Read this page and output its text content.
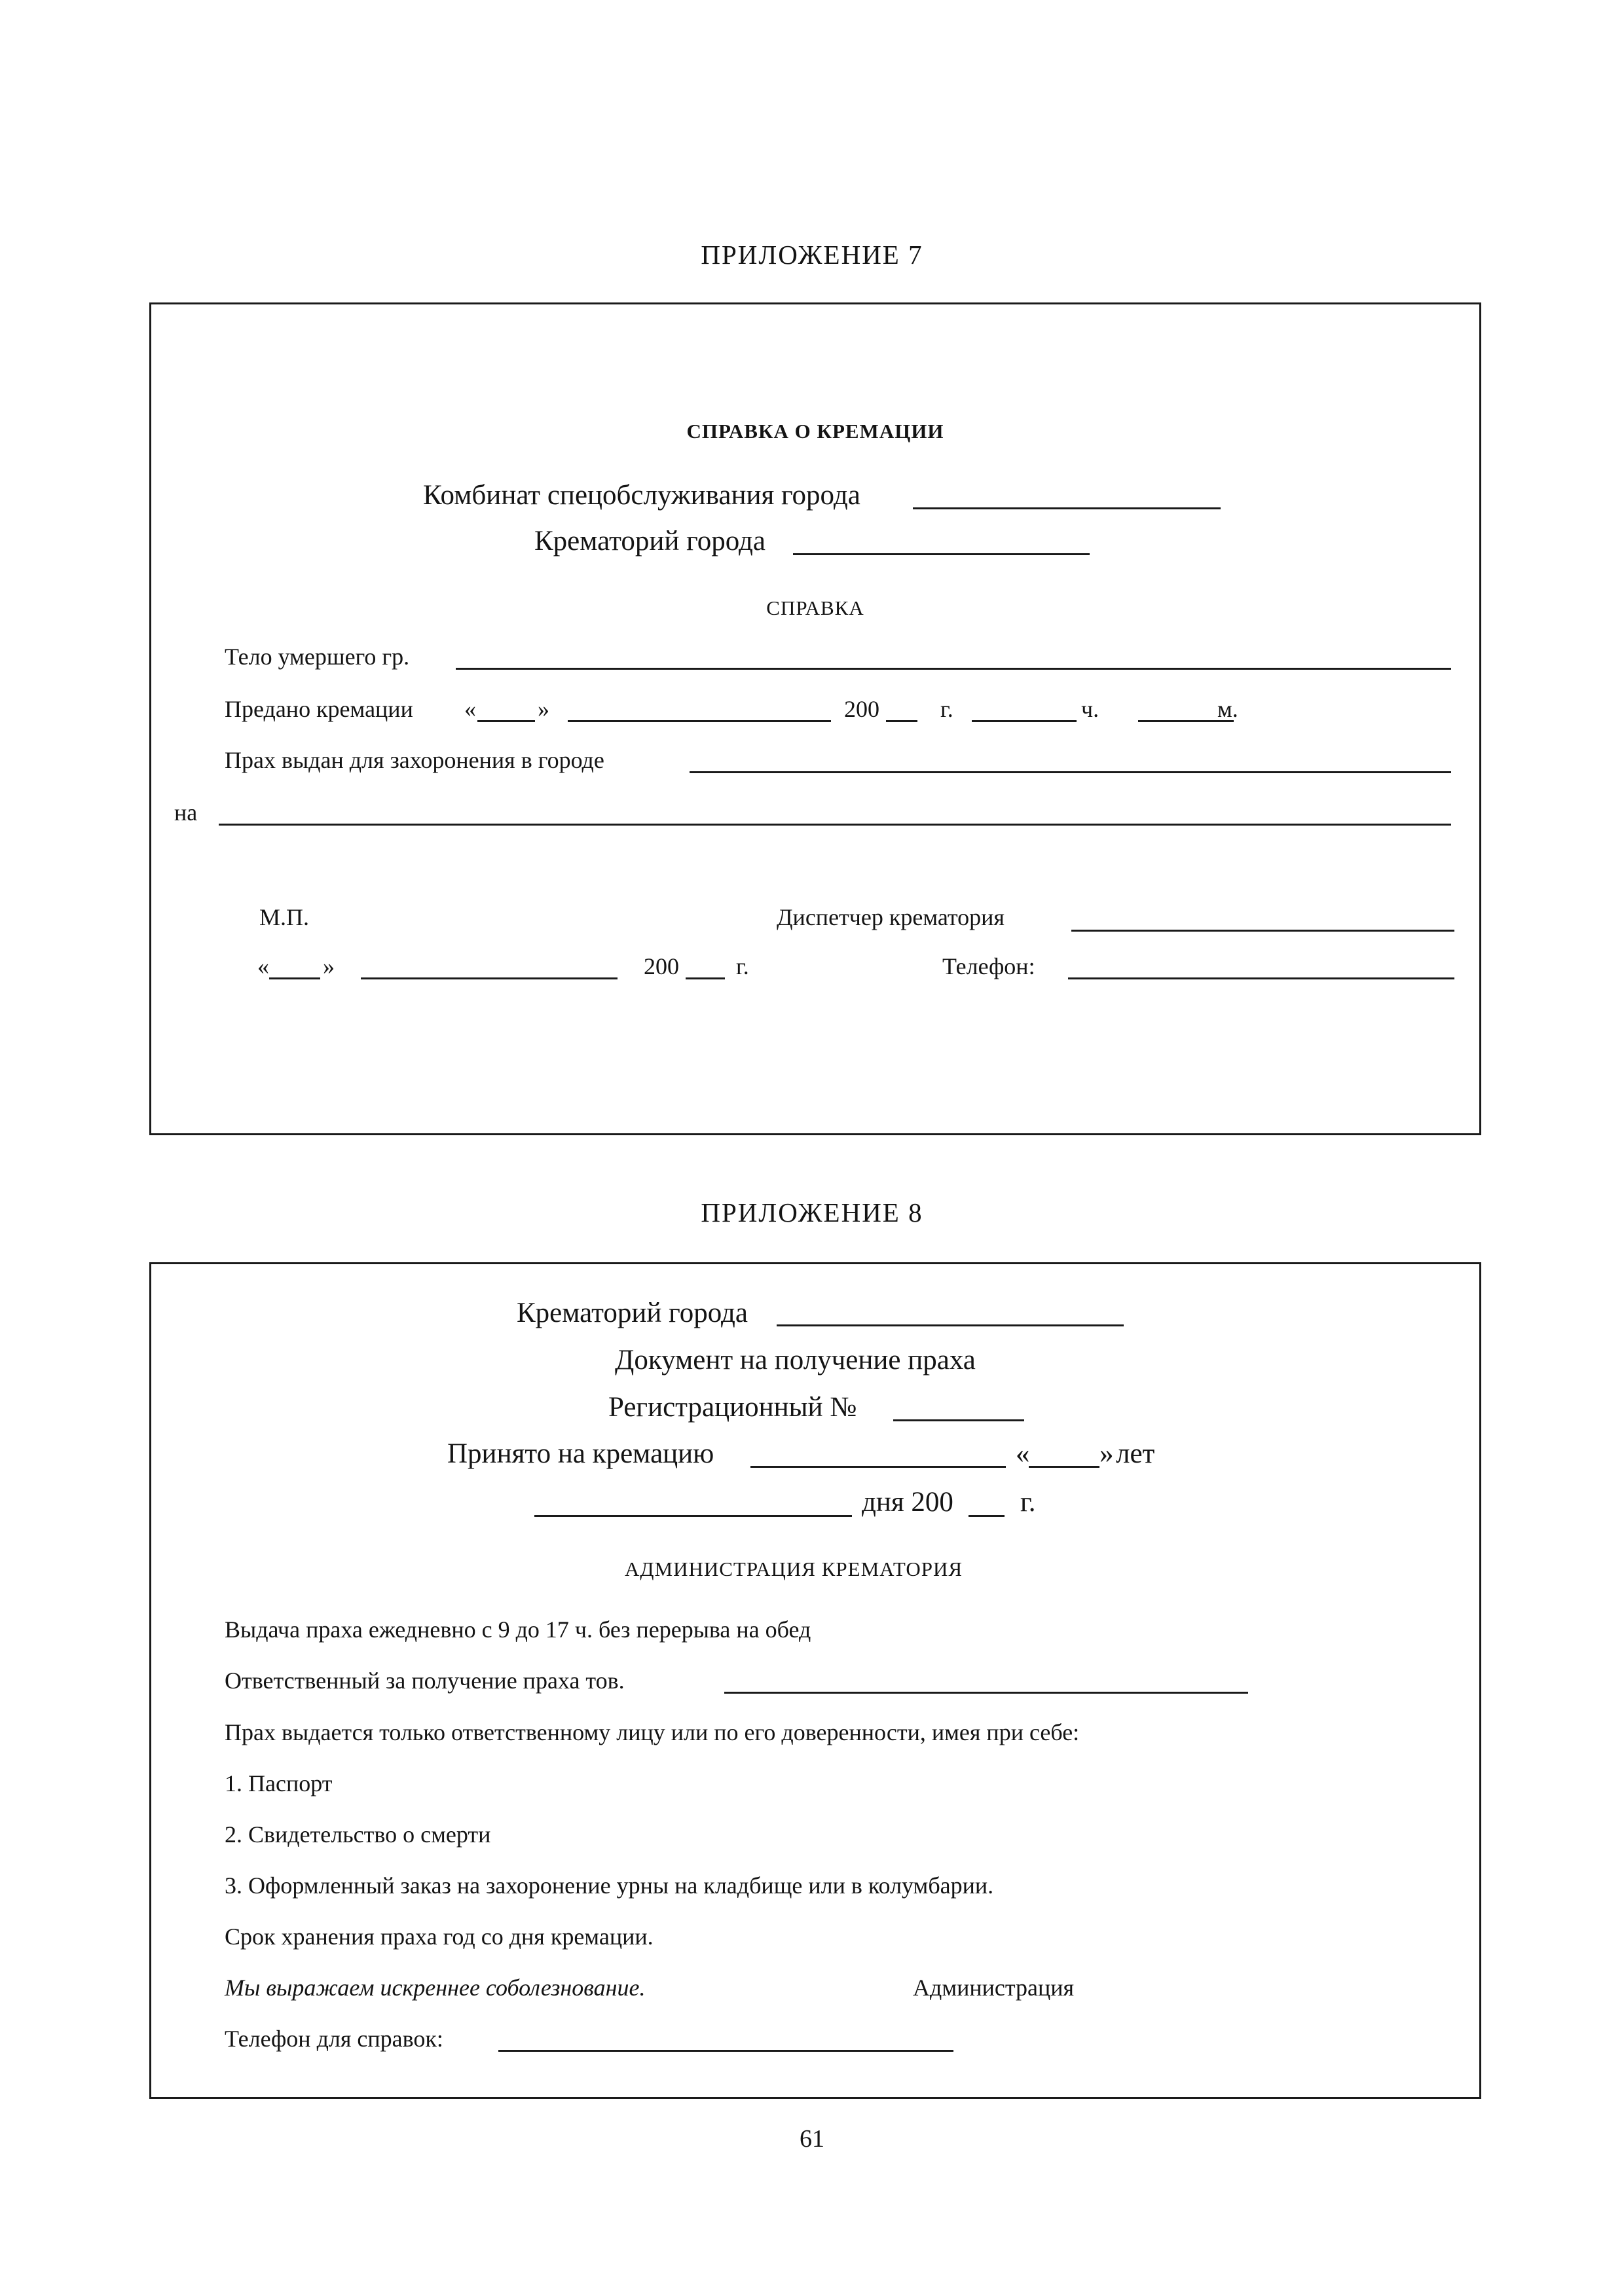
ПРИЛОЖЕНИЕ 7
СПРАВКА О КРЕМАЦИИ
Комбинат спецобслуживания города
Крематорий города
СПРАВКА
Тело умершего гр.
Предано кремации «	»	200	г.	ч.	м.
Прах выдан для захоронения в городе
на
М.П.	Диспетчер крематория
« »	200 г.	Телефон:
ПРИЛОЖЕНИЕ 8
Крематорий города
Документ на получение праха
Регистрационный №
Принято на кремацию	« » лет
дня 200 г.
АДМИНИСТРАЦИЯ КРЕМАТОРИЯ
Выдача праха ежедневно с 9 до 17 ч. без перерыва на обед
Ответственный за получение праха тов.
Прах выдается только ответственному лицу или по его доверенности, имея при себе:
1. Паспорт
2. Свидетельство о смерти
3. Оформленный заказ на захоронение урны на кладбище или в колумбарии.
Срок хранения праха год со дня кремации.
Мы выражаем искреннее соболезнование.	Администрация
Телефон для справок:
61
